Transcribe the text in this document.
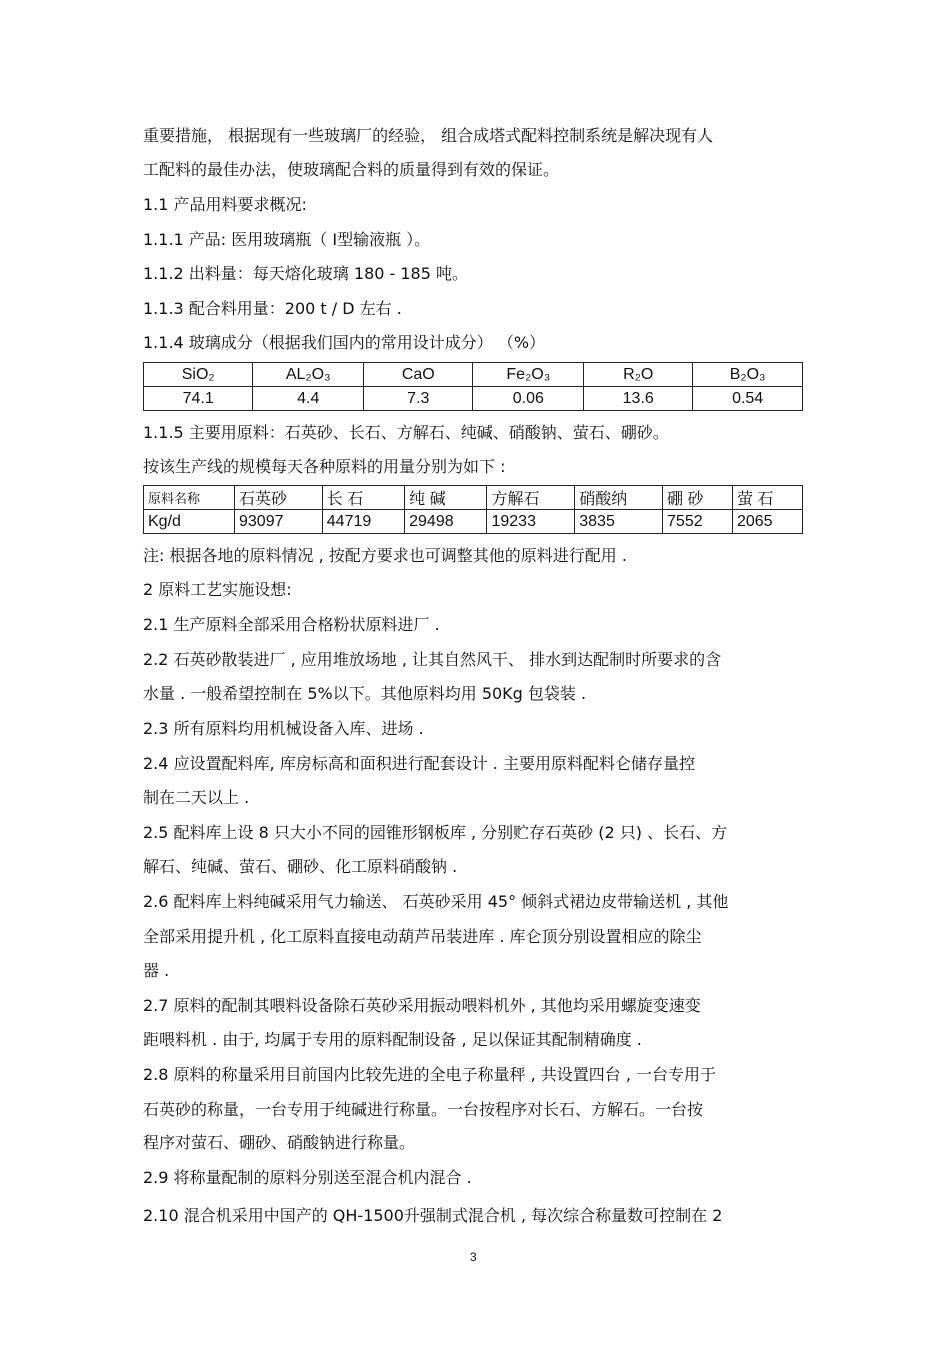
重要措施， 根据现有一些玻璃厂的经验， 组合成塔式配料控制系统是解决现有人
工配料的最佳办法，使玻璃配合料的质量得到有效的保证。
1.1 产品用料要求概况:
1.1.1 产品: 医用玻璃瓶（ Ⅰ型输液瓶 ）。
1.1.2 出料量：每天熔化玻璃 180 - 185 吨。
1.1.3 配合料用量：200 t / D 左右 .
1.1.4 玻璃成分（根据我们国内的常用设计成分） （%）
SiO₂	AL₂O₃	CaO	Fe₂O₃	R₂O	B₂O₃
74.1	4.4	7.3	0.06	13.6	0.54
1.1.5 主要用原料：石英砂、长石、方解石、纯碱、硝酸钠、萤石、硼砂。
按该生产线的规模每天各种原料的用量分别为如下 :
原料名称	石英砂	长 石	纯 碱	方解石	硝酸纳	硼 砂	萤 石
Kg/d	93097	44719	29498	19233	3835	7552	2065
注: 根据各地的原料情况 , 按配方要求也可调整其他的原料进行配用 .
2 原料工艺实施设想:
2.1 生产原料全部采用合格粉状原料进厂 .
2.2 石英砂散装进厂 , 应用堆放场地 , 让其自然风干、 排水到达配制时所要求的含
水量 . 一般希望控制在 5%以下。其他原料均用 50Kg 包袋装 .
2.3 所有原料均用机械设备入库、进场 .
2.4 应设置配料库, 库房标高和面积进行配套设计 . 主要用原料配料仑储存量控
制在二天以上 .
2.5 配料库上设 8 只大小不同的园锥形钢板库 , 分别贮存石英砂 (2 只) 、长石、方
解石、纯碱、萤石、硼砂、化工原料硝酸钠 .
2.6 配料库上料纯碱采用气力输送、 石英砂采用 45° 倾斜式裙边皮带输送机 , 其他
全部采用提升机 , 化工原料直接电动葫芦吊装进库 . 库仑顶分别设置相应的除尘
器 .
2.7 原料的配制其喂料设备除石英砂采用振动喂料机外 , 其他均采用螺旋变速变
距喂料机 . 由于, 均属于专用的原料配制设备 , 足以保证其配制精确度 .
2.8 原料的称量采用目前国内比较先进的全电子称量秤 , 共设置四台 , 一台专用于
石英砂的称量，一台专用于纯碱进行称量。一台按程序对长石、方解石。一台按
程序对萤石、硼砂、硝酸钠进行称量。
2.9 将称量配制的原料分别送至混合机内混合 .
2.10 混合机采用中国产的 QH-1500升强制式混合机 , 每次综合称量数可控制在 2
3
